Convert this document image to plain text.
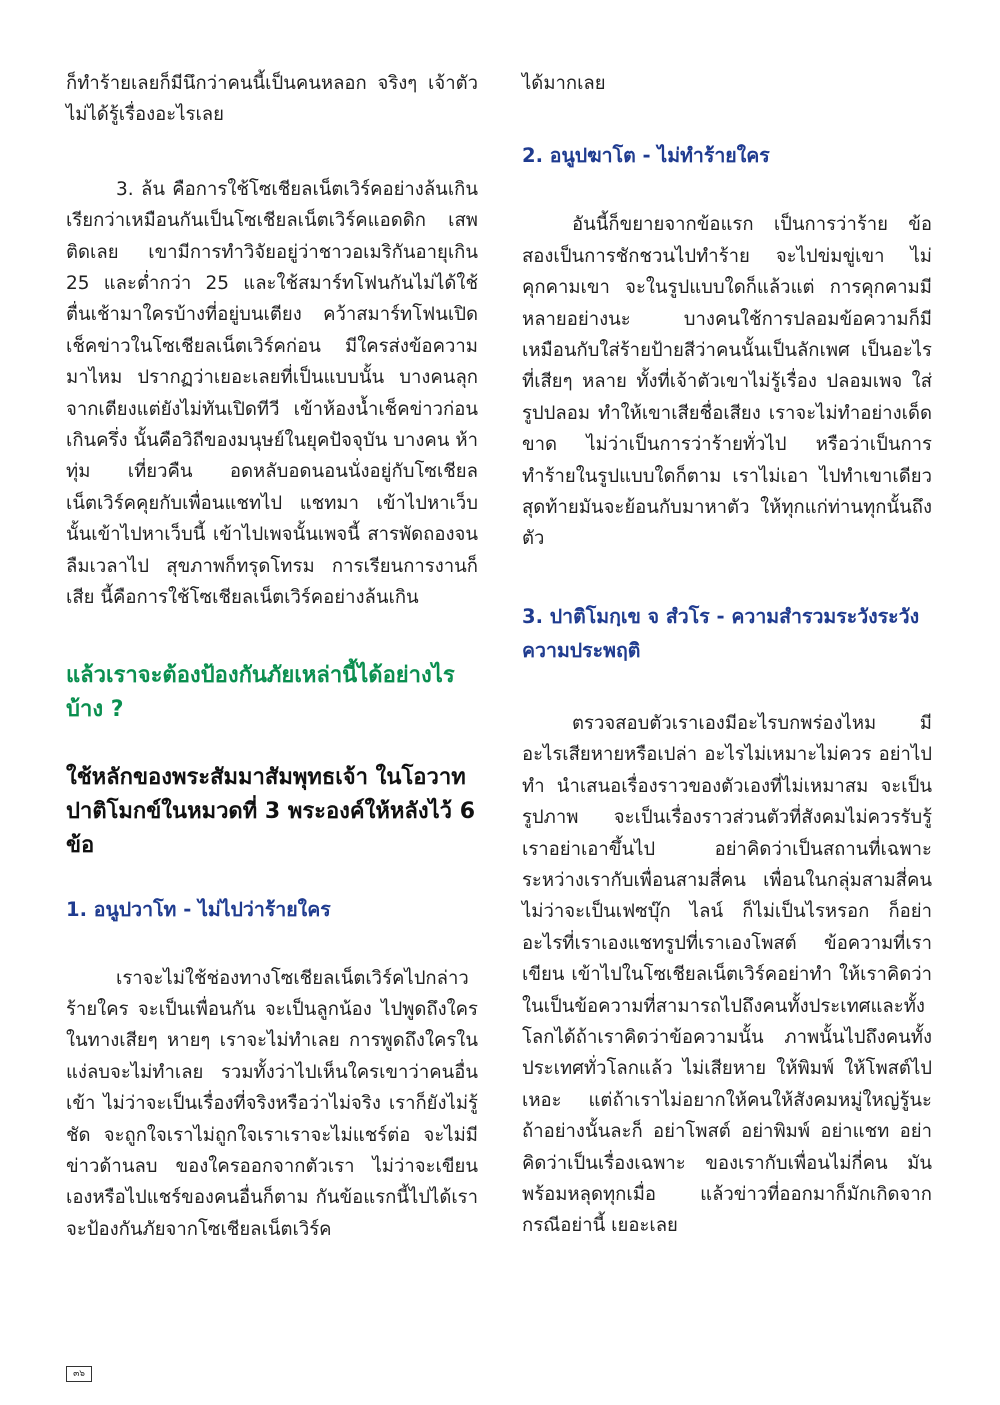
ก็ทำร้ายเลยก็มีนึกว่าคนนี้เป็นคนหลอก จริงๆ เจ้าตัวไม่ได้รู้เรื่องอะไรเลย

3. ล้น คือการใช้โซเชียลเน็ตเวิร์คอย่างล้นเกิน เรียกว่าเหมือนกันเป็นโซเชียลเน็ตเวิร์คแอดดิก เสพติดเลย เขามีการทำวิจัยอยู่ว่าชาวอเมริกันอายุเกิน 25 และต่ำกว่า 25 และใช้สมาร์ทโฟนกันไม่ได้ใช้ ตื่นเช้ามาใครบ้างที่อยู่บนเตียง คว้าสมาร์ทโฟนเปิดเช็คข่าวในโซเชียลเน็ตเวิร์คก่อน มีใครส่งข้อความมาไหม ปรากฏว่าเยอะเลยที่เป็นแบบนั้น บางคนลุกจากเตียงแต่ยังไม่ทันเปิดทีวี เข้าห้องน้ำเช็คข่าวก่อน เกินครึ่ง นั้นคือวิถีของมนุษย์ในยุคปัจจุบัน บางคน ห้าทุ่ม เที่ยวคืน อดหลับอดนอนนั่งอยู่กับโซเชียลเน็ตเวิร์คคุยกับเพื่อนแชทไป แชทมา เข้าไปหาเว็บนั้นเข้าไปหาเว็บนี้ เข้าไปเพจนั้นเพจนี้ สารพัดถองจนลืมเวลาไป สุขภาพก็ทรุดโทรม การเรียนการงานก็เสีย นี้คือการใช้โซเชียลเน็ตเวิร์คอย่างล้นเกิน

แล้วเราจะต้องป้องกันภัยเหล่านี้ได้อย่างไรบ้าง ?
ใช้หลักของพระสัมมาสัมพุทธเจ้า ในโอวาทปาติโมกข์ในหมวดที่ 3 พระองค์ให้หลังไว้ 6 ข้อ
1. อนูปวาโท - ไม่ไปว่าร้ายใคร

เราจะไม่ใช้ช่องทางโซเชียลเน็ตเวิร์คไปกล่าวร้ายใคร จะเป็นเพื่อนกัน จะเป็นลูกน้อง ไปพูดถึงใครในทางเสียๆ หายๆ เราจะไม่ทำเลย การพูดถึงใครในแง่ลบจะไม่ทำเลย รวมทั้งว่าไปเห็นใครเขาว่าคนอื่นเข้า ไม่ว่าจะเป็นเรื่องที่จริงหรือว่าไม่จริง เราก็ยังไม่รู้ชัด จะถูกใจเราไม่ถูกใจเราเราจะไม่แชร์ต่อ จะไม่มีข่าวด้านลบ ของใครออกจากตัวเรา ไม่ว่าจะเขียนเองหรือไปแชร์ของคนอื่นก็ตาม กันข้อแรกนี้ไปได้เราจะป้องกันภัยจากโซเชียลเน็ตเวิร์ค

ได้มากเลย

2. อนูปฆาโต - ไม่ทำร้ายใคร

อันนี้ก็ขยายจากข้อแรก เป็นการว่าร้าย ข้อสองเป็นการชักชวนไปทำร้าย จะไปข่มขู่เขา ไม่คุกคามเขา จะในรูปแบบใดก็แล้วแต่ การคุกคามมีหลายอย่างนะ บางคนใช้การปลอมข้อความก็มีเหมือนกับใส่ร้ายป้ายสีว่าคนนั้นเป็นลักเพศ เป็นอะไรที่เสียๆ หลาย ทั้งที่เจ้าตัวเขาไม่รู้เรื่อง ปลอมเพจ ใส่รูปปลอม ทำให้เขาเสียชื่อเสียง เราจะไม่ทำอย่างเด็ดขาด ไม่ว่าเป็นการว่าร้ายทั่วไป หรือว่าเป็นการทำร้ายในรูปแบบใดก็ตาม เราไม่เอา ไปทำเขาเดียวสุดท้ายมันจะย้อนกับมาหาตัว ให้ทุกแก่ท่านทุกนั้นถึงตัว

3. ปาติโมกฺเข จ สํวโร - ความสำรวมระวังระวังความประพฤติ

ตรวจสอบตัวเราเองมีอะไรบกพร่องไหม มีอะไรเสียหายหรือเปล่า อะไรไม่เหมาะไม่ควร อย่าไปทำ นำเสนอเรื่องราวของตัวเองที่ไม่เหมาสม จะเป็นรูปภาพ จะเป็นเรื่องราวส่วนตัวที่สังคมไม่ควรรับรู้ เราอย่าเอาขึ้นไป อย่าคิดว่าเป็นสถานที่เฉพาะระหว่างเรากับเพื่อนสามสี่คน เพื่อนในกลุ่มสามสี่คน ไม่ว่าจะเป็นเฟซบุ๊ก ไลน์ ก็ไม่เป็นไรหรอก ก็อย่าอะไรที่เราเองแชทรูปที่เราเองโพสต์ ข้อความที่เราเขียน เข้าไปในโซเชียลเน็ตเวิร์คอย่าทำ ให้เราคิดว่าในเป็นข้อความที่สามารถไปถึงคนทั้งประเทศและทั้งโลกได้ถ้าเราคิดว่าข้อความนั้น ภาพนั้นไปถึงคนทั้งประเทศทั่วโลกแล้ว ไม่เสียหาย ให้พิมพ์ ให้โพสต์ไปเหอะ แต่ถ้าเราไม่อยากให้คนให้สังคมหมู่ใหญ่รู้นะ ถ้าอย่างนั้นละก็ อย่าโพสต์ อย่าพิมพ์ อย่าแชท อย่าคิดว่าเป็นเรื่องเฉพาะ ของเรากับเพื่อนไม่กี่คน มันพร้อมหลุดทุกเมื่อ แล้วข่าวที่ออกมาก็มักเกิดจากกรณีอย่านี้ เยอะเลย

๓๖
